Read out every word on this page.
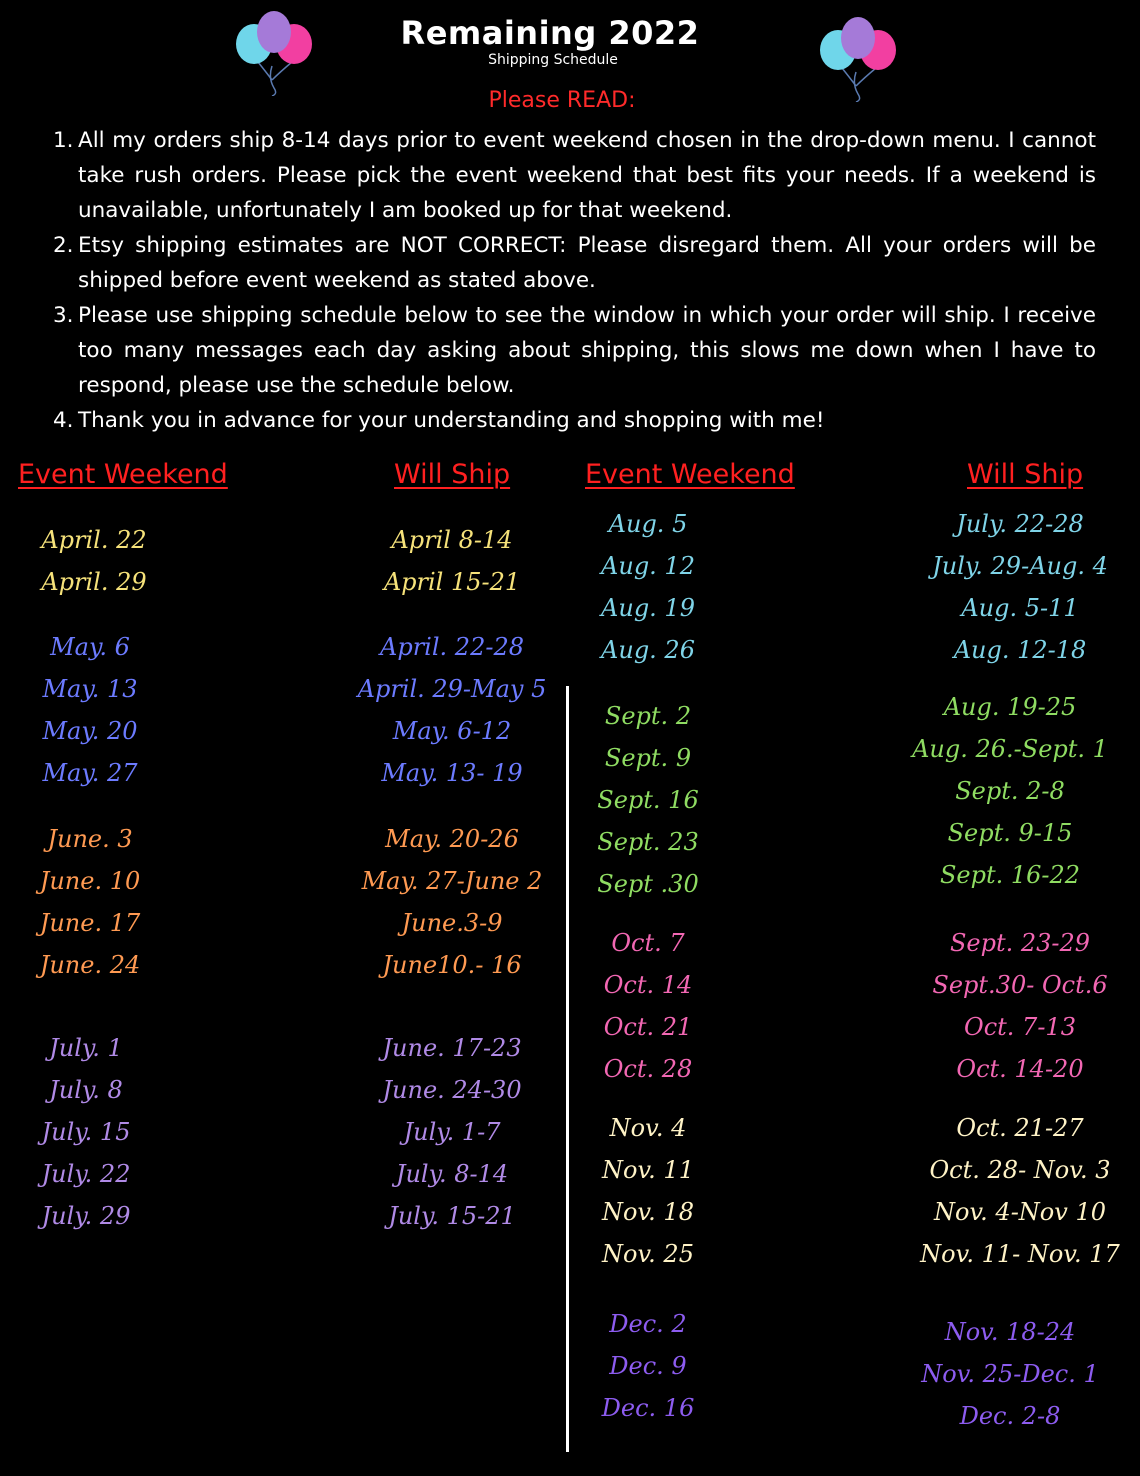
Remaining 2022
Shipping Schedule
Please READ:
1. All my orders ship 8-14 days prior to event weekend chosen in the drop-down menu. I cannot take rush orders. Please pick the event weekend that best fits your needs. If a weekend is unavailable, unfortunately I am booked up for that weekend.
2. Etsy shipping estimates are NOT CORRECT: Please disregard them. All your orders will be shipped before event weekend as stated above.
3. Please use shipping schedule below to see the window in which your order will ship. I receive too many messages each day asking about shipping, this slows me down when I have to respond, please use the schedule below.
4. Thank you in advance for your understanding and shopping with me!
Event Weekend	Will Ship	Event Weekend	Will Ship
April. 22	April 8-14
April. 29	April 15-21
May. 6	April. 22-28
May. 13	April. 29-May 5
May. 20	May. 6-12
May. 27	May. 13- 19
June. 3	May. 20-26
June. 10	May. 27-June 2
June. 17	June.3-9
June. 24	June10.- 16
July. 1	June. 17-23
July. 8	June. 24-30
July. 15	July. 1-7
July. 22	July. 8-14
July. 29	July. 15-21
Aug. 5	July. 22-28
Aug. 12	July. 29-Aug. 4
Aug. 19	Aug. 5-11
Aug. 26	Aug. 12-18
Sept. 2	Aug. 19-25
Sept. 9	Aug. 26.-Sept. 1
Sept. 16	Sept. 2-8
Sept. 23	Sept. 9-15
Sept .30	Sept. 16-22
Oct. 7	Sept. 23-29
Oct. 14	Sept.30- Oct.6
Oct. 21	Oct. 7-13
Oct. 28	Oct. 14-20
Nov. 4	Oct. 21-27
Nov. 11	Oct. 28- Nov. 3
Nov. 18	Nov. 4-Nov 10
Nov. 25	Nov. 11- Nov. 17
Dec. 2	Nov. 18-24
Dec. 9	Nov. 25-Dec. 1
Dec. 16	Dec. 2-8
